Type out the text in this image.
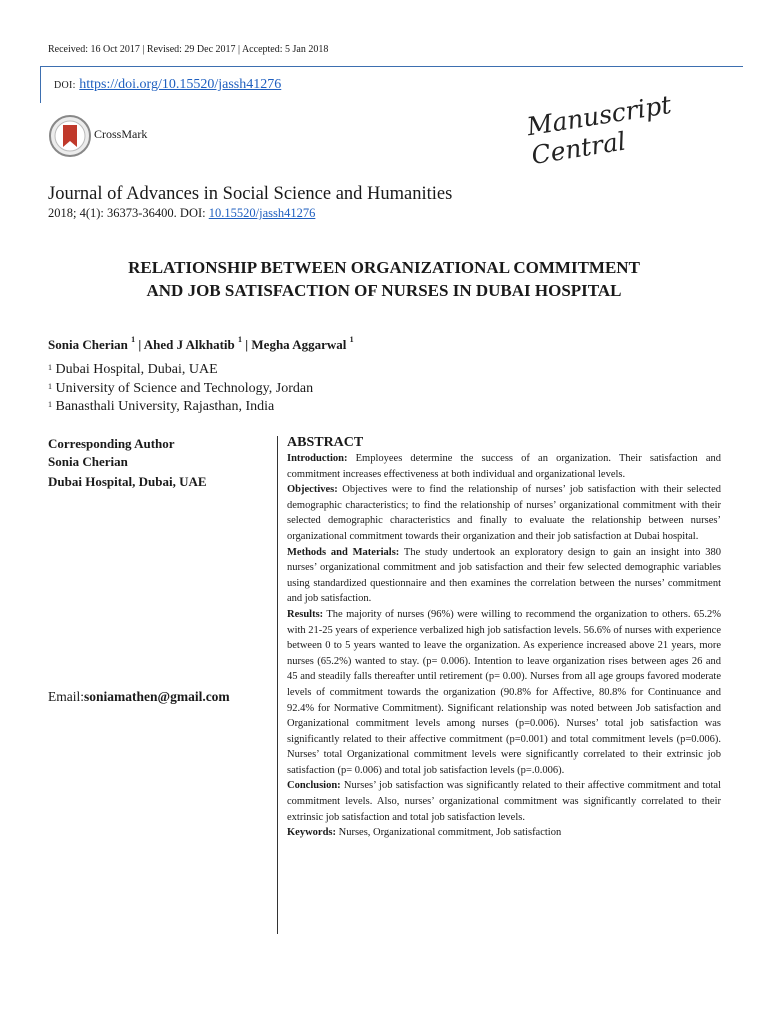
Received: 16 Oct 2017 | Revised: 29 Dec 2017 | Accepted: 5 Jan 2018
DOI: https://doi.org/10.15520/jassh41276
CrossMark	Manuscript Central
Journal of Advances in Social Science and Humanities
2018; 4(1): 36373-36400. DOI: 10.15520/jassh41276
RELATIONSHIP BETWEEN ORGANIZATIONAL COMMITMENT
AND JOB SATISFACTION OF NURSES IN DUBAI HOSPITAL
Sonia Cherian $^1$ | Ahed J Alkhatib $^1$ | Megha Aggarwal $^1$
$^1$ Dubai Hospital, Dubai, UAE
$^1$ University of Science and Technology, Jordan
$^1$ Banasthali University, Rajasthan, India
Corresponding Author
Sonia Cherian
Dubai Hospital, Dubai, UAE
Email:soniamathen@gmail.com
ABSTRACT

Introduction: Employees determine the success of an organization. Their satisfaction and commitment increases effectiveness at both individual and organizational levels.

Objectives: Objectives were to find the relationship of nurses’ job satisfaction with their selected demographic characteristics; to find the relationship of nurses’ organizational commitment with their selected demographic characteristics and finally to evaluate the relationship between nurses’ organizational commitment towards their organization and their job satisfaction at Dubai hospital.

Methods and Materials: The study undertook an exploratory design to gain an insight into 380 nurses’ organizational commitment and job satisfaction and their few selected demographic variables using standardized questionnaire and then examines the correlation between the nurses’ commitment and job satisfaction.

Results: The majority of nurses (96%) were willing to recommend the organization to others. 65.2% with 21-25 years of experience verbalized high job satisfaction levels. 56.6% of nurses with experience between 0 to 5 years wanted to leave the organization. As experience increased above 21 years, more nurses (65.2%) wanted to stay. (p= 0.006). Intention to leave organization rises between ages 26 and 45 and steadily falls thereafter until retirement (p= 0.00). Nurses from all age groups favored moderate levels of commitment towards the organization (90.8% for Affective, 80.8% for Continuance and 92.4% for Normative Commitment). Significant relationship was noted between Job satisfaction and Organizational commitment levels among nurses (p=0.006). Nurses’ total job satisfaction was significantly related to their affective commitment (p=0.001) and total commitment levels (p=0.006). Nurses’ total Organizational commitment levels were significantly correlated to their extrinsic job satisfaction (p= 0.006) and total job satisfaction levels (p=.0.006).

Conclusion: Nurses’ job satisfaction was significantly related to their affective commitment and total commitment levels. Also, nurses’ organizational commitment was significantly correlated to their extrinsic job satisfaction and total job satisfaction levels.

Keywords: Nurses, Organizational commitment, Job satisfaction
